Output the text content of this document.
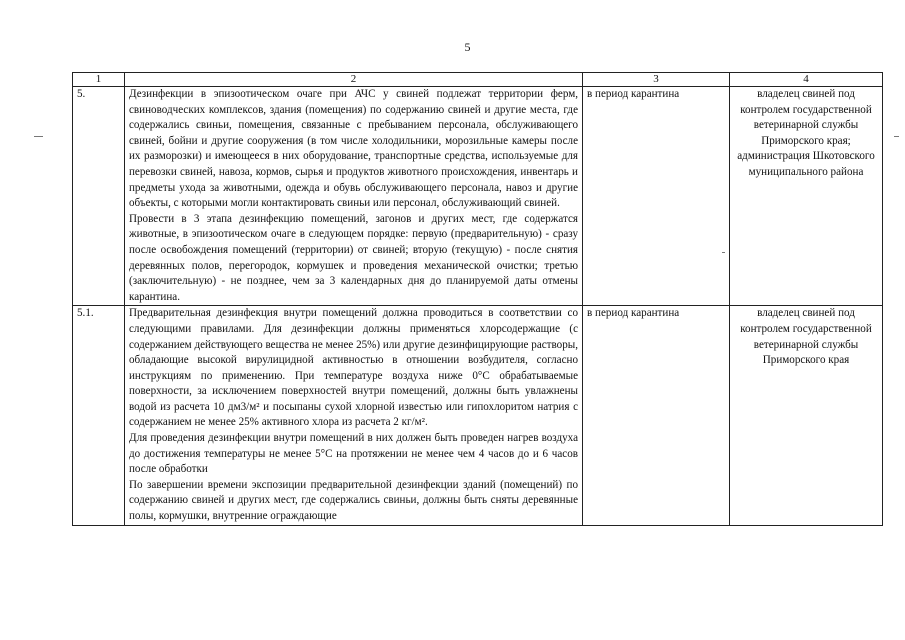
5
1	2	3	4
5.	Дезинфекции в эпизоотическом очаге при АЧС у свиней подлежат территории ферм, свиноводческих комплексов, здания (помещения) по содержанию свиней и другие места, где содержались свиньи, помещения, связанные с пребыванием персонала, обслуживающего свиней, бойни и другие сооружения (в том числе холодильники, морозильные камеры после их разморозки) и имеющееся в них оборудование, транспортные средства, используемые для перевозки свиней, навоза, кормов, сырья и продуктов животного происхождения, инвентарь и предметы ухода за животными, одежда и обувь обслуживающего персонала, навоз и другие объекты, с которыми могли контактировать свиньи или персонал, обслуживающий свиней.

Провести в 3 этапа дезинфекцию помещений, загонов и других мест, где содержатся животные, в эпизоотическом очаге в следующем порядке: первую (предварительную) - сразу после освобождения помещений (территории) от свиней; вторую (текущую) - после снятия деревянных полов, перегородок, кормушек и проведения механической очистки; третью (заключительную) - не позднее, чем за 3 календарных дня до планируемой даты отмены карантина.	в период карантина	владелец свиней под контролем государственной ветеринарной службы Приморского края; администрация Шкотовского муниципального района
5.1.	Предварительная дезинфекция внутри помещений должна проводиться в соответствии со следующими правилами. Для дезинфекции должны применяться хлорсодержащие (с содержанием действующего вещества не менее 25%) или другие дезинфицирующие растворы, обладающие высокой вирулицидной активностью в отношении возбудителя, согласно инструкциям по применению. При температуре воздуха ниже 0°С обрабатываемые поверхности, за исключением поверхностей внутри помещений, должны быть увлажнены водой из расчета 10 дм3/м² и посыпаны сухой хлорной известью или гипохлоритом натрия с содержанием не менее 25% активного хлора из расчета 2 кг/м².

Для проведения дезинфекции внутри помещений в них должен быть проведен нагрев воздуха до достижения температуры не менее 5°С на протяжении не менее чем 4 часов до и 6 часов после обработки

По завершении времени экспозиции предварительной дезинфекции зданий (помещений) по содержанию свиней и других мест, где содержались свиньи, должны быть сняты деревянные полы, кормушки, внутренние ограждающие	в период карантина	владелец свиней под контролем государственной ветеринарной службы Приморского края
